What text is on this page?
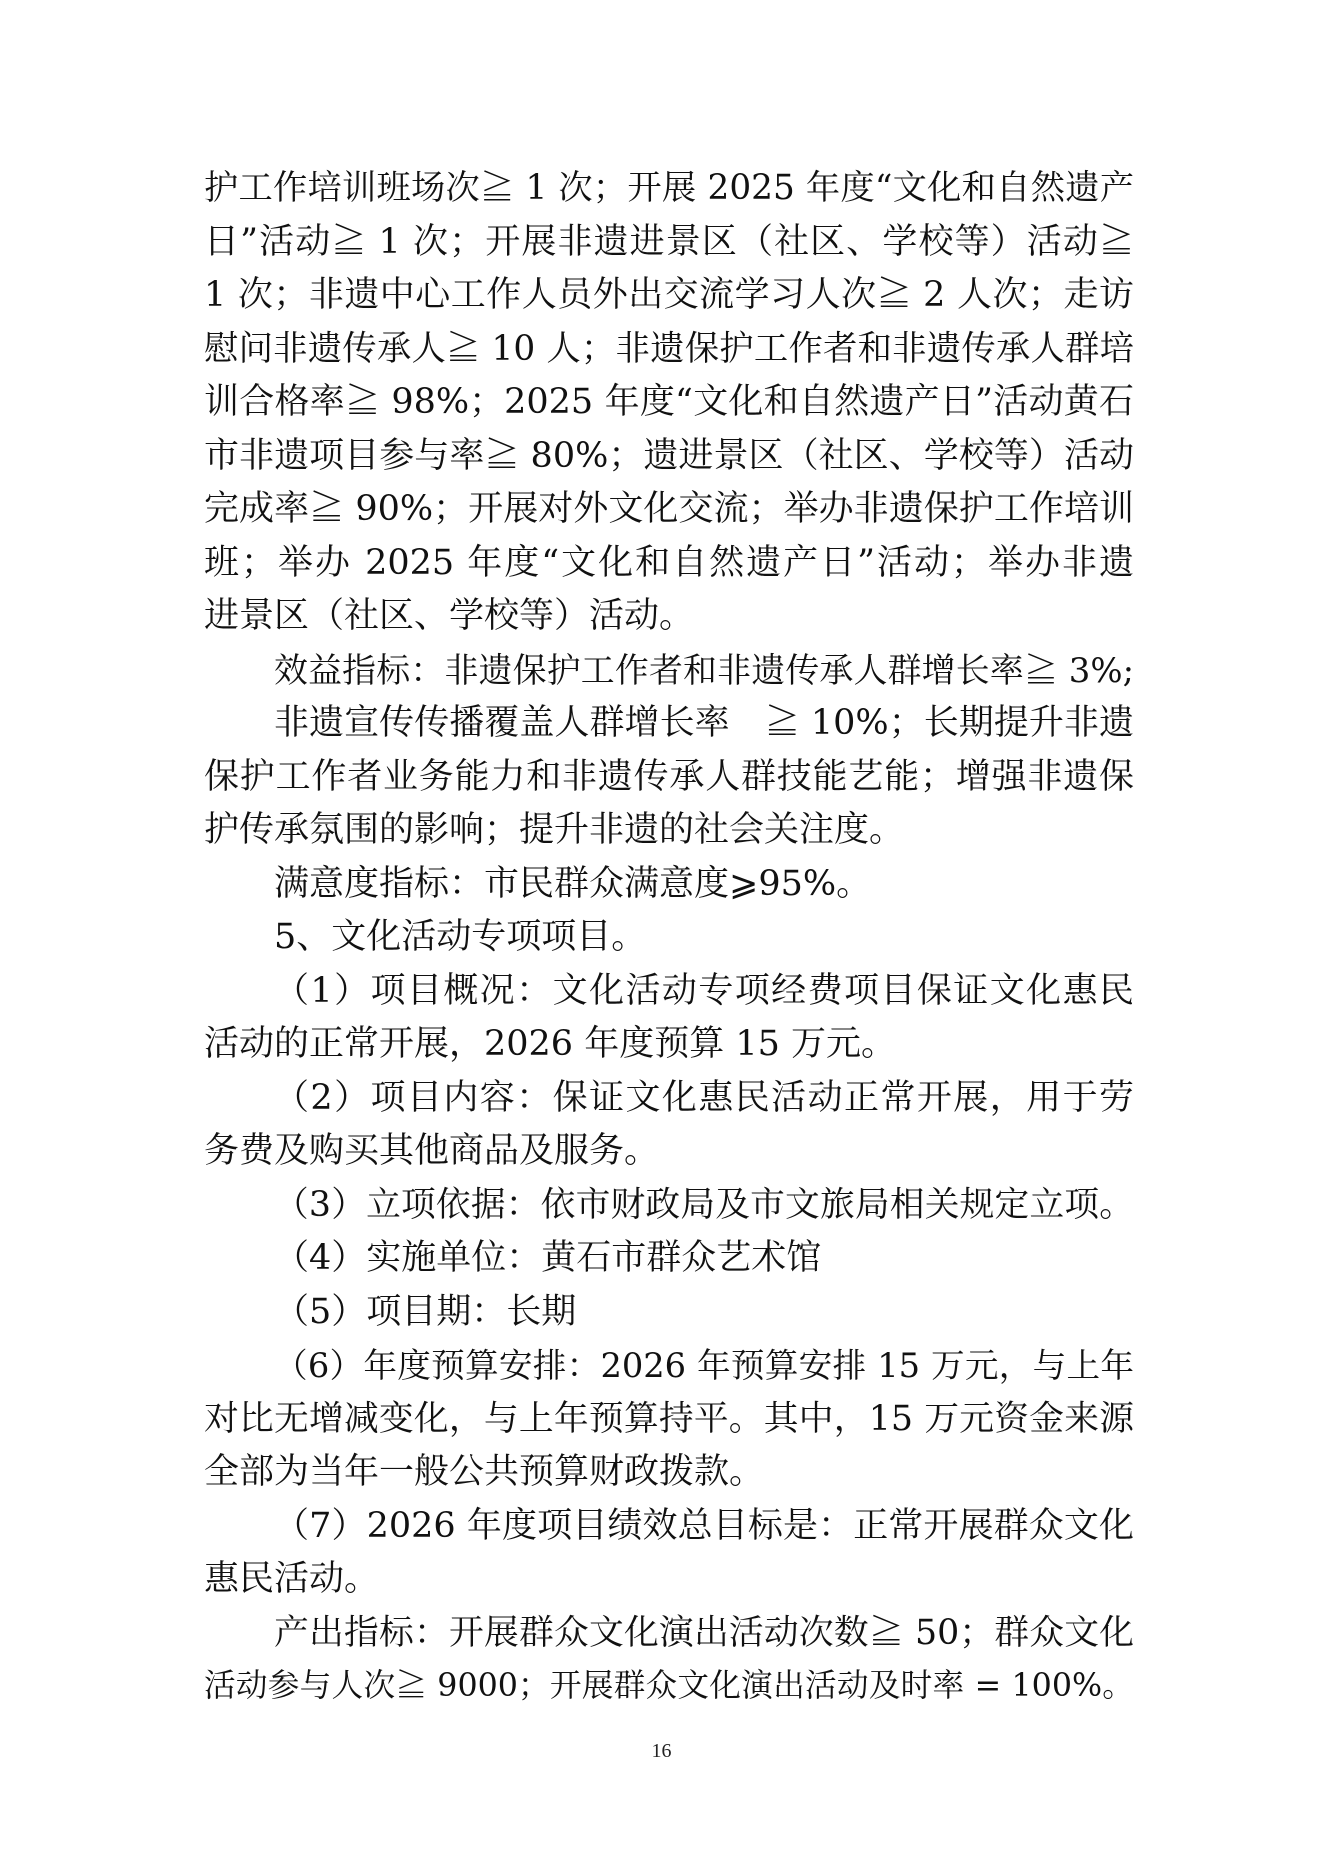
护工作培训班场次≧ 1 次；开展 2025 年度“文化和自然遗产
日”活动≧ 1 次；开展非遗进景区（社区、学校等）活动≧
1 次；非遗中心工作人员外出交流学习人次≧ 2 人次；走访
慰问非遗传承人≧ 10 人；非遗保护工作者和非遗传承人群培
训合格率≧ 98%；2025 年度“文化和自然遗产日”活动黄石
市非遗项目参与率≧ 80%；遗进景区（社区、学校等）活动
完成率≧ 90%；开展对外文化交流；举办非遗保护工作培训
班；举办 2025 年度“文化和自然遗产日”活动；举办非遗
进景区（社区、学校等）活动。
效益指标：非遗保护工作者和非遗传承人群增长率≧ 3%;
非遗宣传传播覆盖人群增长率　≧ 10%；长期提升非遗
保护工作者业务能力和非遗传承人群技能艺能；增强非遗保
护传承氛围的影响；提升非遗的社会关注度。
满意度指标：市民群众满意度⩾95%。
5、文化活动专项项目。
（1）项目概况：文化活动专项经费项目保证文化惠民
活动的正常开展，2026 年度预算 15 万元。
（2）项目内容：保证文化惠民活动正常开展，用于劳
务费及购买其他商品及服务。
（3）立项依据：依市财政局及市文旅局相关规定立项。
（4）实施单位：黄石市群众艺术馆
（5）项目期：长期
（6）年度预算安排：2026 年预算安排 15 万元，与上年
对比无增减变化，与上年预算持平。其中，15 万元资金来源
全部为当年一般公共预算财政拨款。
（7）2026 年度项目绩效总目标是：正常开展群众文化
惠民活动。
产出指标：开展群众文化演出活动次数≧ 50；群众文化
活动参与人次≧ 9000；开展群众文化演出活动及时率 = 100%。
16
